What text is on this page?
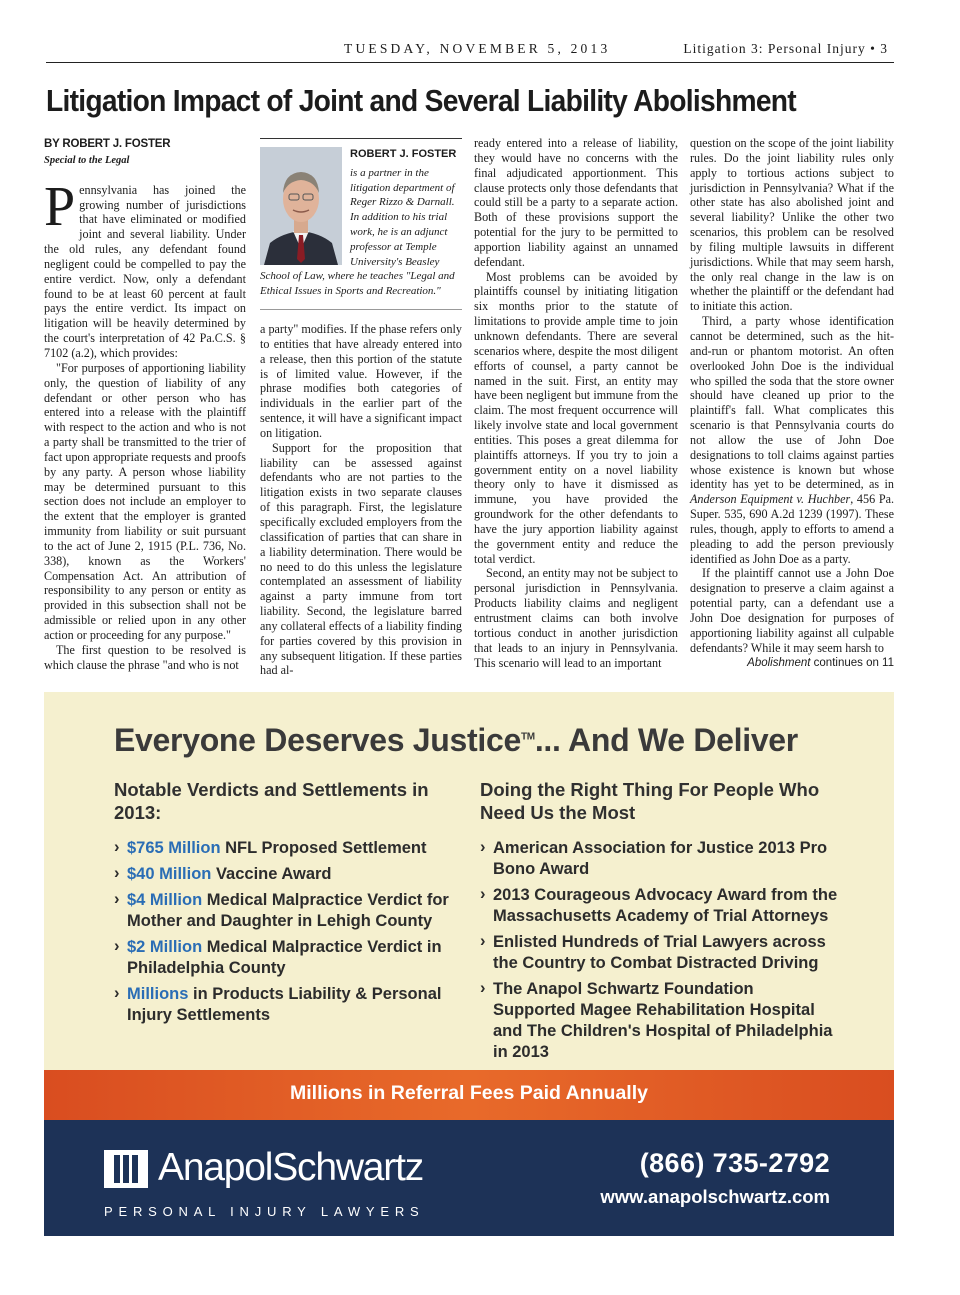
TUESDAY, NOVEMBER 5, 2013	Litigation 3: Personal Injury • 3
Litigation Impact of Joint and Several Liability Abolishment
BY ROBERT J. FOSTER
Special to the Legal

Pennsylvania has joined the growing number of jurisdictions that have eliminated or modified joint and several liability. Under the old rules, any defendant found negligent could be compelled to pay the entire verdict. Now, only a defendant found to be at least 60 percent at fault pays the entire verdict. Its impact on litigation will be heavily determined by the court's interpretation of 42 Pa.C.S. § 7102 (a.2), which provides:

"For purposes of apportioning liability only, the question of liability of any defendant or other person who has entered into a release with the plaintiff with respect to the action and who is not a party shall be transmitted to the trier of fact upon appropriate requests and proofs by any party. A person whose liability may be determined pursuant to this section does not include an employer to the extent that the employer is granted immunity from liability or suit pursuant to the act of June 2, 1915 (P.L. 736, No. 338), known as the Workers' Compensation Act. An attribution of responsibility to any person or entity as provided in this subsection shall not be admissible or relied upon in any other action or proceeding for any purpose."

The first question to be resolved is which clause the phrase "and who is not

ROBERT J. FOSTER
is a partner in the litigation department of Reger Rizzo & Darnall. In addition to his trial work, he is an adjunct professor at Temple University's Beasley School of Law, where he teaches "Legal and Ethical Issues in Sports and Recreation."

a party" modifies. If the phase refers only to entities that have already entered into a release, then this portion of the statute is of limited value. However, if the phrase modifies both categories of individuals in the earlier part of the sentence, it will have a significant impact on litigation.

Support for the proposition that liability can be assessed against defendants who are not parties to the litigation exists in two separate clauses of this paragraph. First, the legislature specifically excluded employers from the classification of parties that can share in a liability determination. There would be no need to do this unless the legislature contemplated an assessment of liability against a party immune from tort liability. Second, the legislature barred any collateral effects of a liability finding for parties covered by this provision in any subsequent litigation. If these parties had al-

ready entered into a release of liability, they would have no concerns with the final adjudicated apportionment. This clause protects only those defendants that could still be a party to a separate action. Both of these provisions support the potential for the jury to be permitted to apportion liability against an unnamed defendant.

Most problems can be avoided by plaintiffs counsel by initiating litigation six months prior to the statute of limitations to provide ample time to join unknown defendants. There are several scenarios where, despite the most diligent efforts of counsel, a party cannot be named in the suit. First, an entity may have been negligent but immune from the claim. The most frequent occurrence will likely involve state and local government entities. This poses a great dilemma for plaintiffs attorneys. If you try to join a government entity on a novel liability theory only to have it dismissed as immune, you have provided the groundwork for the other defendants to have the jury apportion liability against the government entity and reduce the total verdict.

Second, an entity may not be subject to personal jurisdiction in Pennsylvania. Products liability claims and negligent entrustment claims can both involve tortious conduct in another jurisdiction that leads to an injury in Pennsylvania. This scenario will lead to an important

question on the scope of the joint liability rules. Do the joint liability rules only apply to tortious actions subject to jurisdiction in Pennsylvania? What if the other state has also abolished joint and several liability? Unlike the other two scenarios, this problem can be resolved by filing multiple lawsuits in different jurisdictions. While that may seem harsh, the only real change in the law is on whether the plaintiff or the defendant had to initiate this action.

Third, a party whose identification cannot be determined, such as the hit-and-run or phantom motorist. An often overlooked John Doe is the individual who spilled the soda that the store owner should have cleaned up prior to the plaintiff's fall. What complicates this scenario is that Pennsylvania courts do not allow the use of John Doe designations to toll claims against parties whose existence is known but whose identity has yet to be determined, as in Anderson Equipment v. Huchber, 456 Pa. Super. 535, 690 A.2d 1239 (1997). These rules, though, apply to efforts to amend a pleading to add the person previously identified as John Doe as a party.

If the plaintiff cannot use a John Doe designation to preserve a claim against a potential party, can a defendant use a John Doe designation for purposes of apportioning liability against all culpable defendants? While it may seem harsh to

Abolishment continues on 11
Everyone Deserves Justice™... And We Deliver
Notable Verdicts and Settlements in 2013:
› $765 Million NFL Proposed Settlement
› $40 Million Vaccine Award
› $4 Million Medical Malpractice Verdict for Mother and Daughter in Lehigh County
› $2 Million Medical Malpractice Verdict in Philadelphia County
› Millions in Products Liability & Personal Injury Settlements
Doing the Right Thing For People Who Need Us the Most
› American Association for Justice 2013 Pro Bono Award
› 2013 Courageous Advocacy Award from the Massachusetts Academy of Trial Attorneys
› Enlisted Hundreds of Trial Lawyers across the Country to Combat Distracted Driving
› The Anapol Schwartz Foundation Supported Magee Rehabilitation Hospital and The Children's Hospital of Philadelphia in 2013
Millions in Referral Fees Paid Annually
AnapolSchwartz
PERSONAL INJURY LAWYERS
(866) 735-2792
www.anapolschwartz.com
